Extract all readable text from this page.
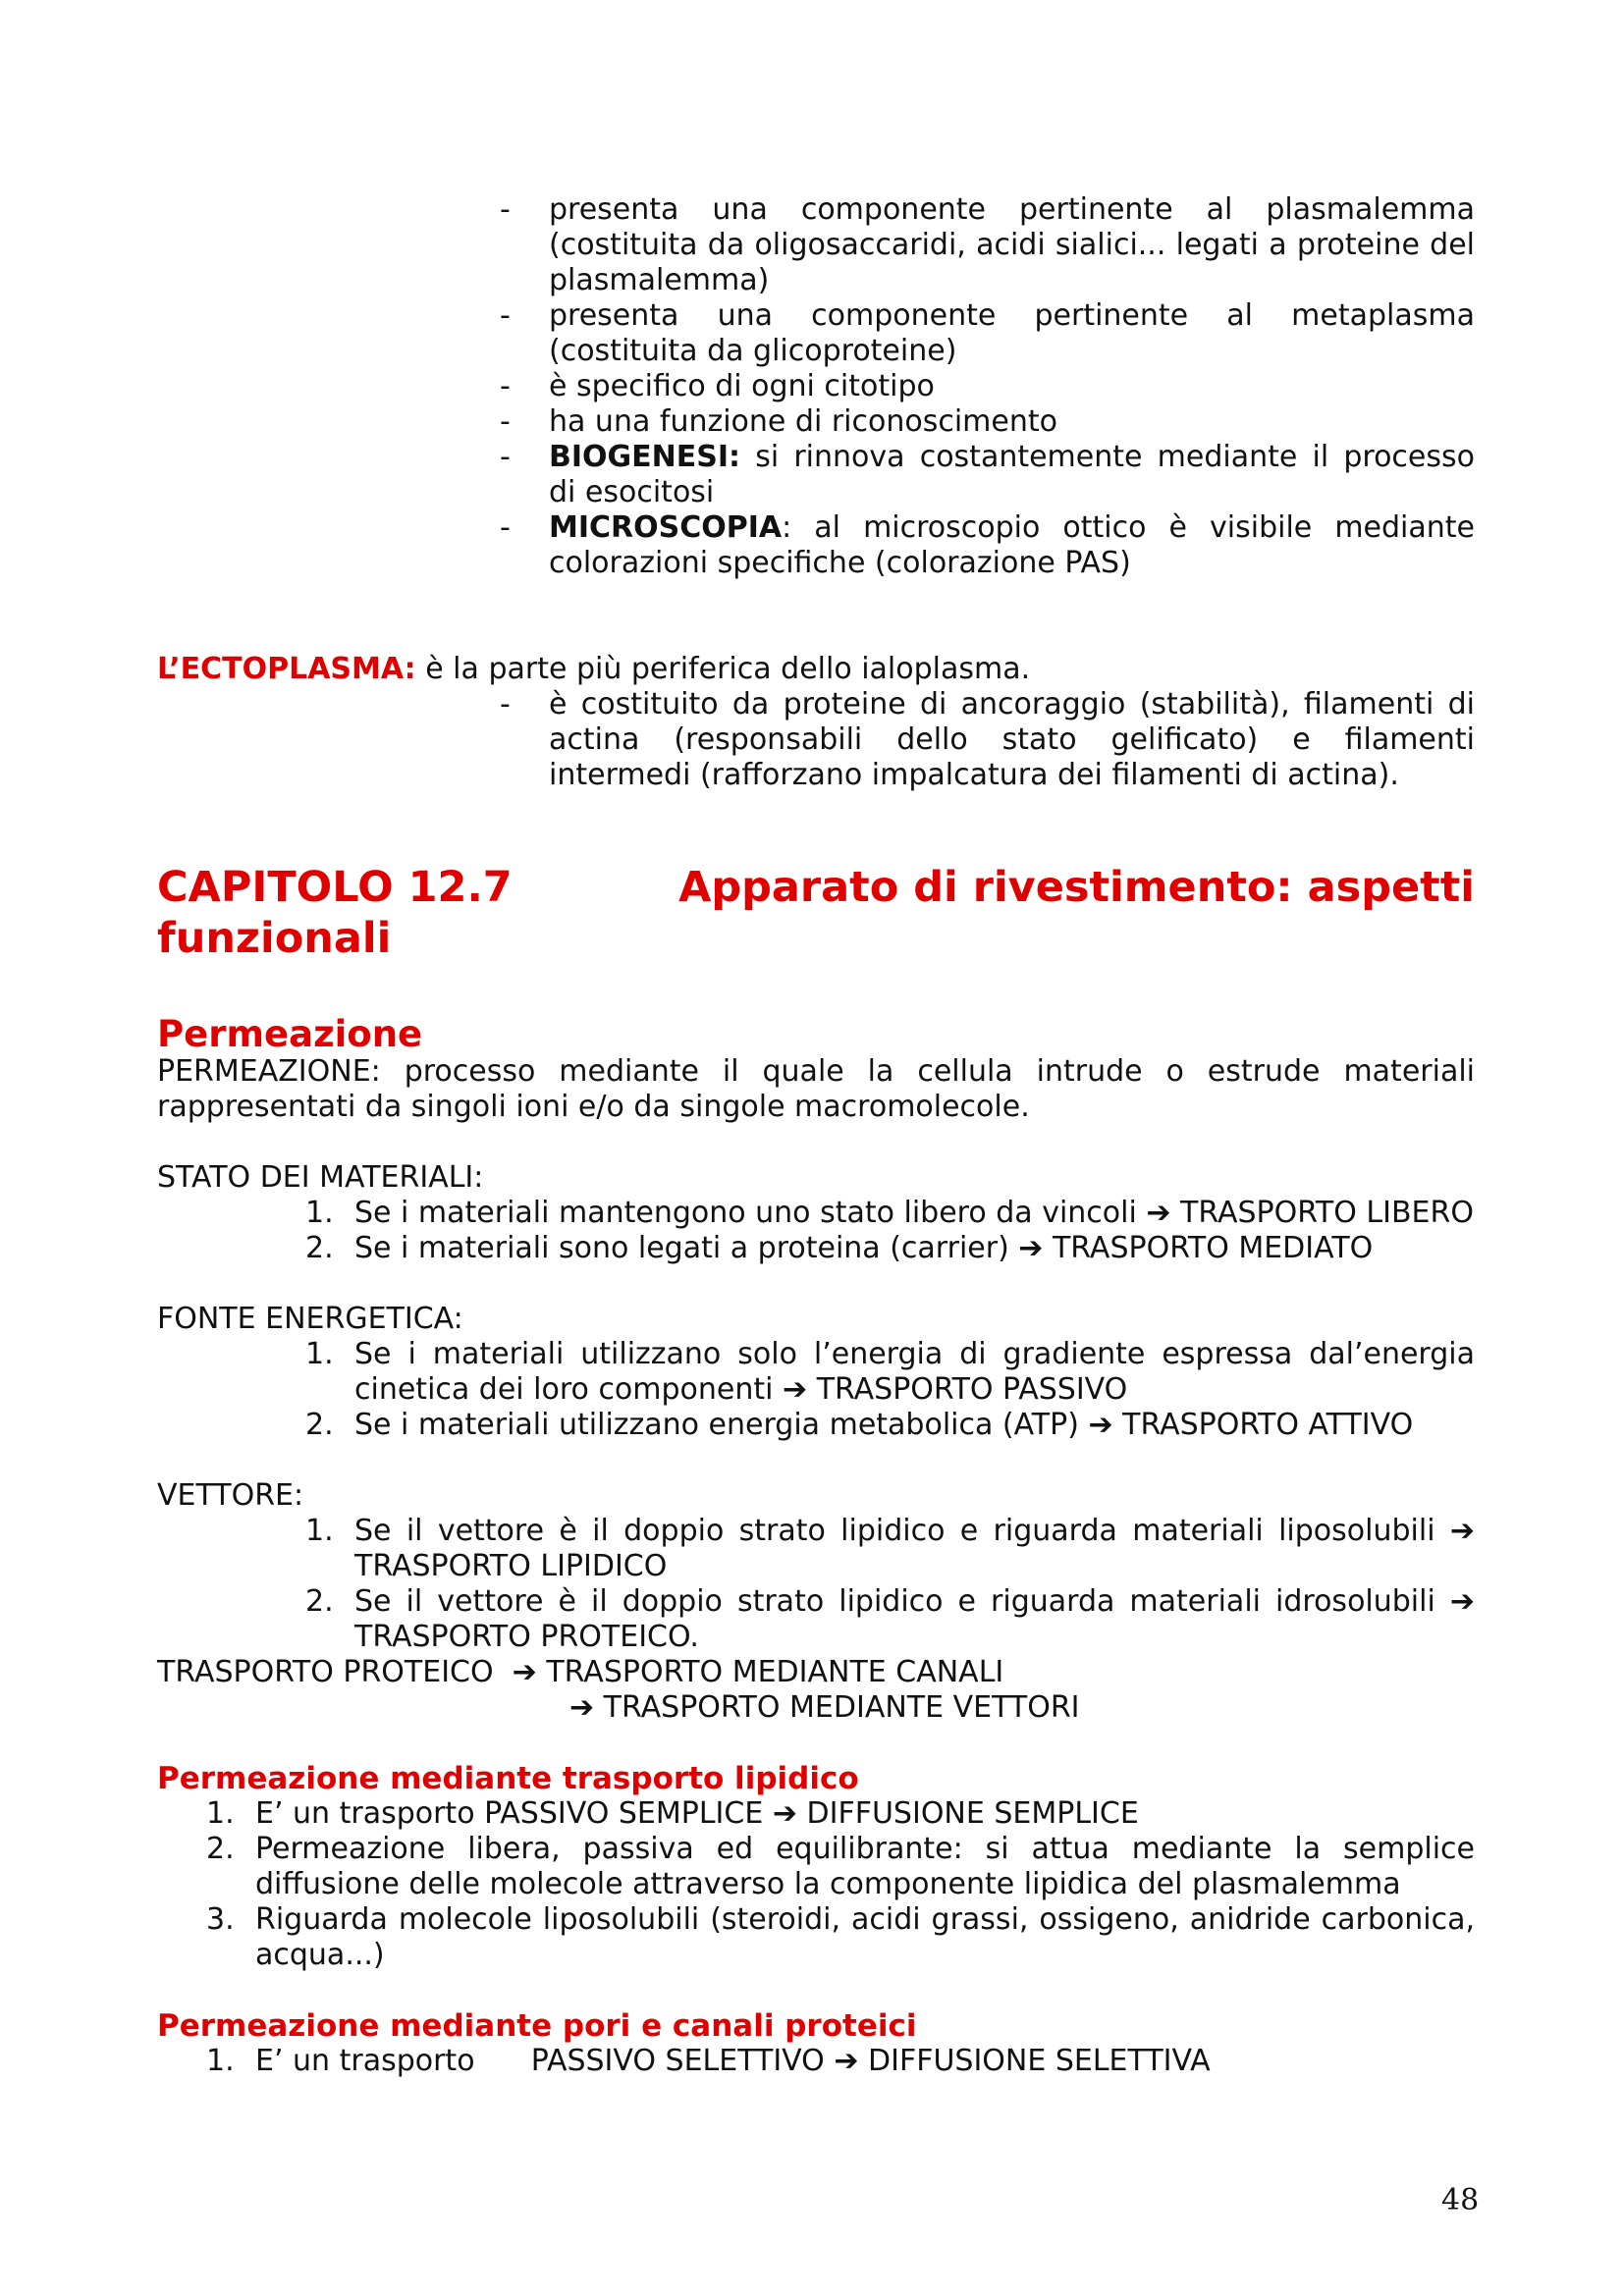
- presenta una componente pertinente al plasmalemma (costituita da oligosaccaridi, acidi sialici... legati a proteine del plasmalemma)
- presenta una componente pertinente al metaplasma (costituita da glicoproteine)
- è specifico di ogni citotipo
- ha una funzione di riconoscimento
- BIOGENESI: si rinnova costantemente mediante il processo di esocitosi
- MICROSCOPIA: al microscopio ottico è visibile mediante colorazioni specifiche (colorazione PAS)

L’ECTOPLASMA: è la parte più periferica dello ialoplasma.

- è costituito da proteine di ancoraggio (stabilità), filamenti di actina (responsabili dello stato gelificato) e filamenti intermedi (rafforzano impalcatura dei filamenti di actina).
CAPITOLO 12.7	Apparato di rivestimento: aspetti
funzionali
Permeazione

PERMEAZIONE: processo mediante il quale la cellula intrude o estrude materiali rappresentati da singoli ioni e/o da singole macromolecole.

STATO DEI MATERIALI:

1. Se i materiali mantengono uno stato libero da vincoli ➔ TRASPORTO LIBERO
2. Se i materiali sono legati a proteina (carrier) ➔ TRASPORTO MEDIATO

FONTE ENERGETICA:

1. Se i materiali utilizzano solo l’energia di gradiente espressa dal’energia cinetica dei loro componenti ➔ TRASPORTO PASSIVO
2. Se i materiali utilizzano energia metabolica (ATP) ➔ TRASPORTO ATTIVO

VETTORE:

1. Se il vettore è il doppio strato lipidico e riguarda materiali liposolubili ➔ TRASPORTO LIPIDICO
2. Se il vettore è il doppio strato lipidico e riguarda materiali idrosolubili ➔ TRASPORTO PROTEICO.

TRASPORTO PROTEICO  ➔ TRASPORTO MEDIANTE CANALI

➔ TRASPORTO MEDIANTE VETTORI

Permeazione mediante trasporto lipidico
1. E’ un trasporto PASSIVO SEMPLICE ➔ DIFFUSIONE SEMPLICE
2. Permeazione libera, passiva ed equilibrante: si attua mediante la semplice diffusione delle molecole attraverso la componente lipidica del plasmalemma
3. Riguarda molecole liposolubili (steroidi, acidi grassi, ossigeno, anidride carbonica, acqua...)
Permeazione mediante pori e canali proteici
1. E’ un trasporto      PASSIVO SELETTIVO ➔ DIFFUSIONE SELETTIVA
48
